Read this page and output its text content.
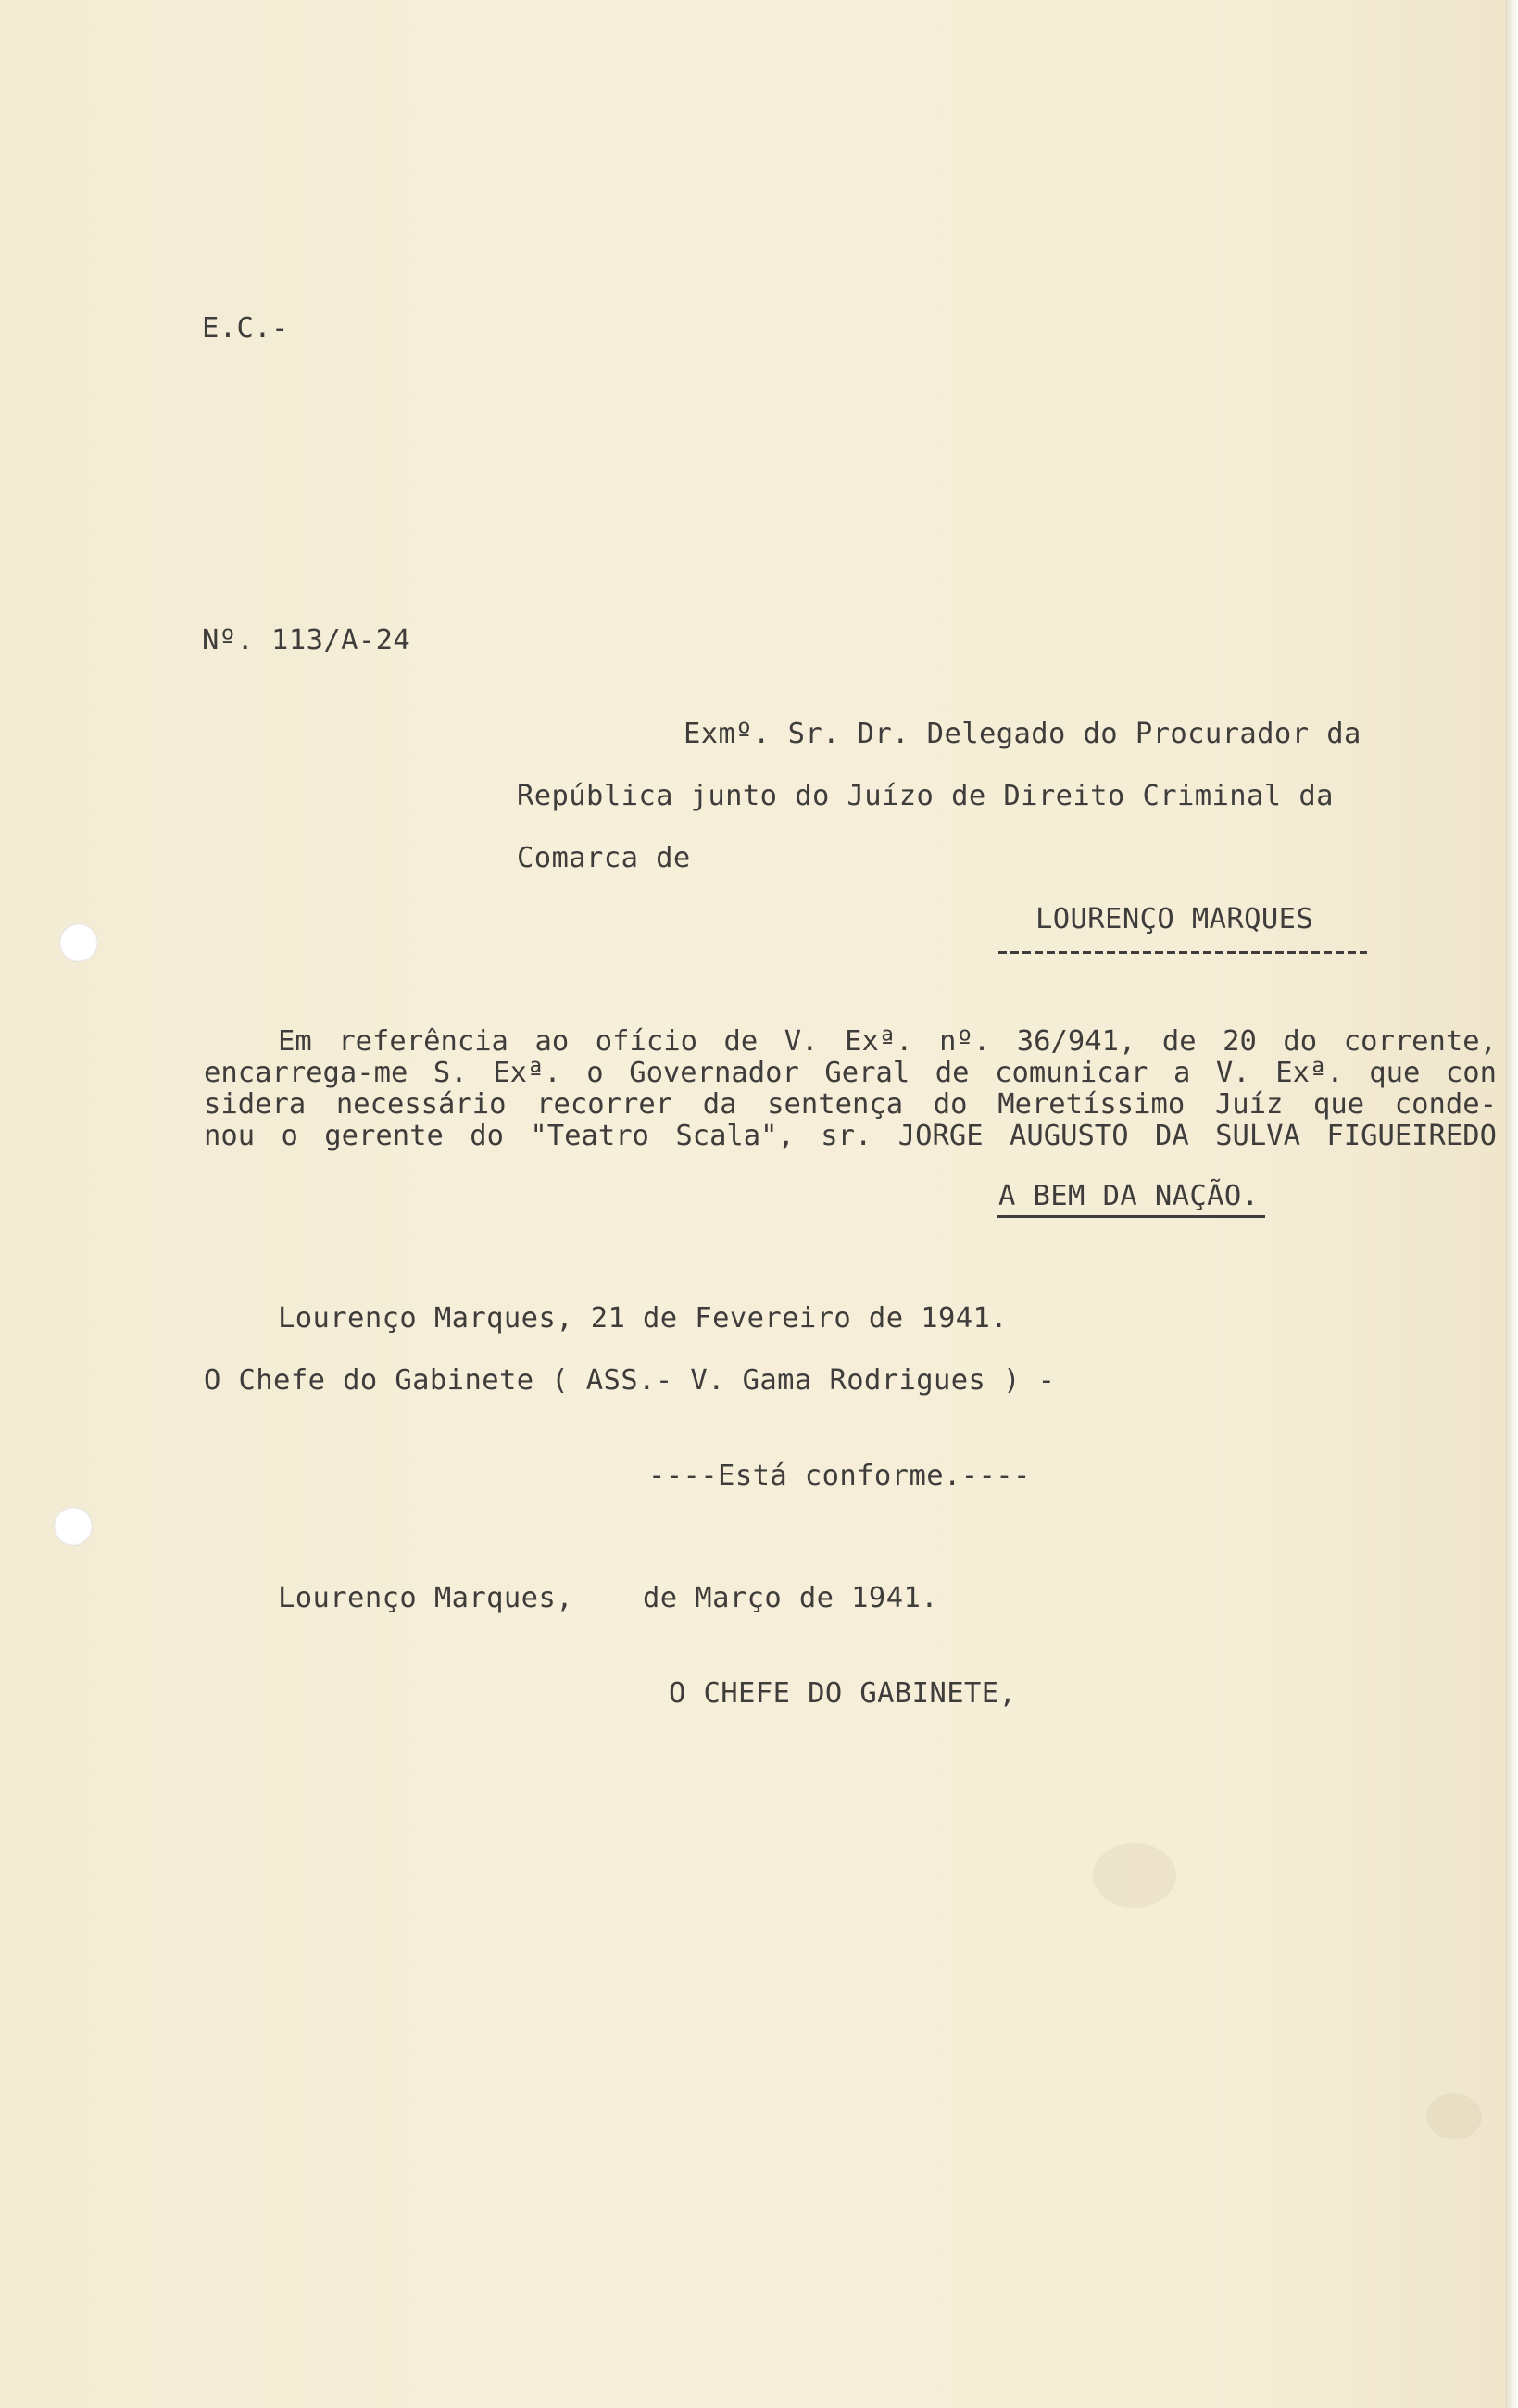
E.C.-
Nº. 113/A-24
Exmº. Sr. Dr. Delegado do Procurador da
República junto do Juízo de Direito Criminal da
Comarca de
LOURENÇO MARQUES
Em referência ao ofício de V. Exª. nº. 36/941, de 20 do corrente,
encarrega-me S. Exª. o Governador Geral de comunicar a V. Exª. que con
sidera necessário recorrer da sentença do Meretíssimo Juíz que conde-
nou o gerente do "Teatro Scala", sr. JORGE AUGUSTO DA SULVA FIGUEIREDO
A BEM DA NAÇÃO.
Lourenço Marques, 21 de Fevereiro de 1941.
O Chefe do Gabinete ( ASS.- V. Gama Rodrigues ) -
----Está conforme.----
Lourenço Marques,    de Março de 1941.
O CHEFE DO GABINETE,
